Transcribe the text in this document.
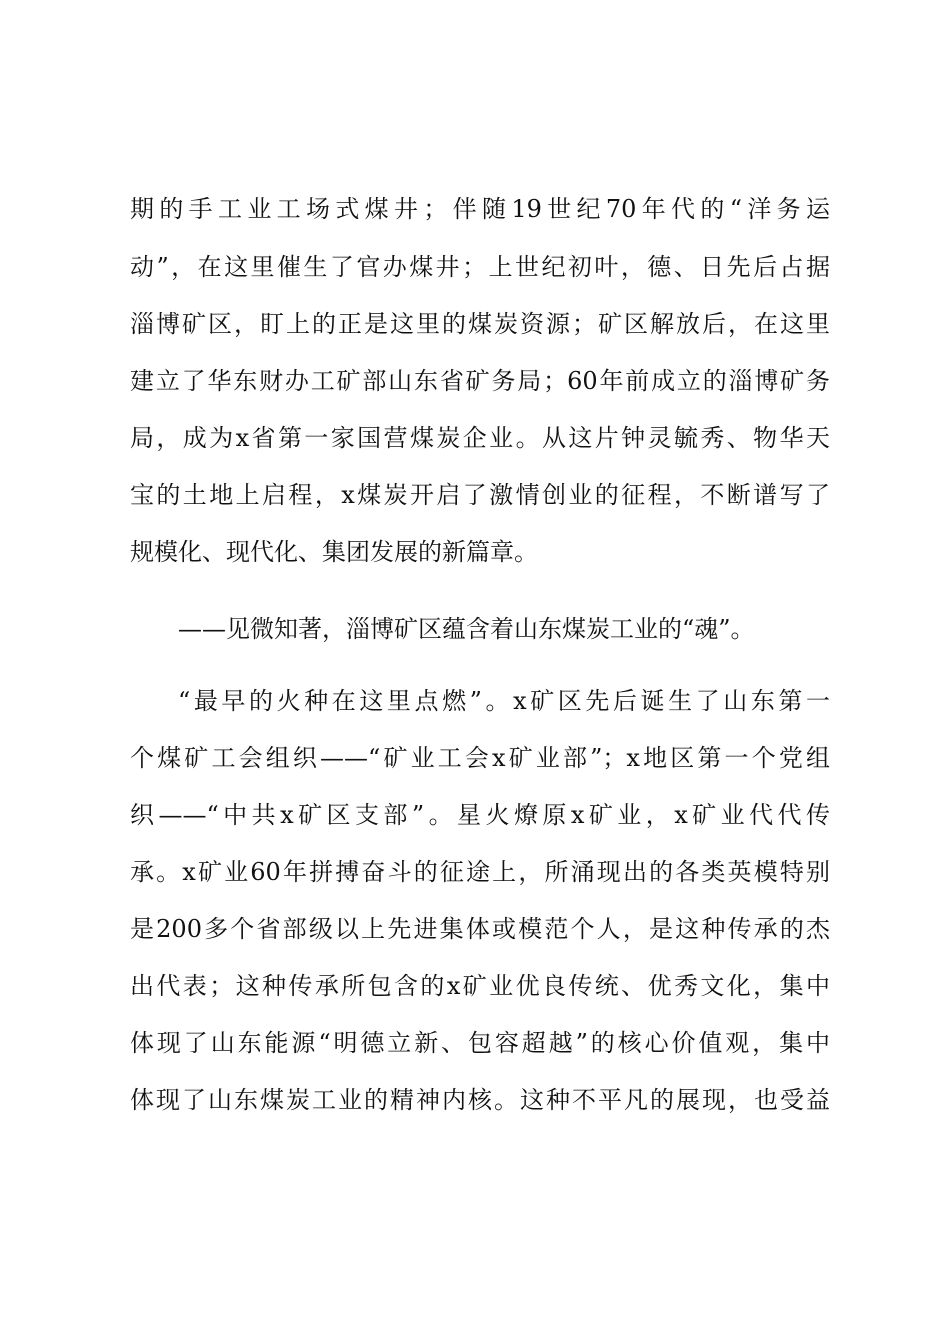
期的手工业工场式煤井；伴随19世纪70年代的“洋务运
动”，在这里催生了官办煤井；上世纪初叶，德、日先后占据
淄博矿区，盯上的正是这里的煤炭资源；矿区解放后，在这里
建立了华东财办工矿部山东省矿务局；60年前成立的淄博矿务
局，成为x省第一家国营煤炭企业。从这片钟灵毓秀、物华天
宝的土地上启程，x煤炭开启了激情创业的征程，不断谱写了
规模化、现代化、集团发展的新篇章。
——见微知著，淄博矿区蕴含着山东煤炭工业的“魂”。
“最早的火种在这里点燃”。x矿区先后诞生了山东第一
个煤矿工会组织——“矿业工会x矿业部”；x地区第一个党组
织——“中共x矿区支部”。星火燎原x矿业，x矿业代代传
承。x矿业60年拼搏奋斗的征途上，所涌现出的各类英模特别
是200多个省部级以上先进集体或模范个人，是这种传承的杰
出代表；这种传承所包含的x矿业优良传统、优秀文化，集中
体现了山东能源“明德立新、包容超越”的核心价值观，集中
体现了山东煤炭工业的精神内核。这种不平凡的展现，也受益
